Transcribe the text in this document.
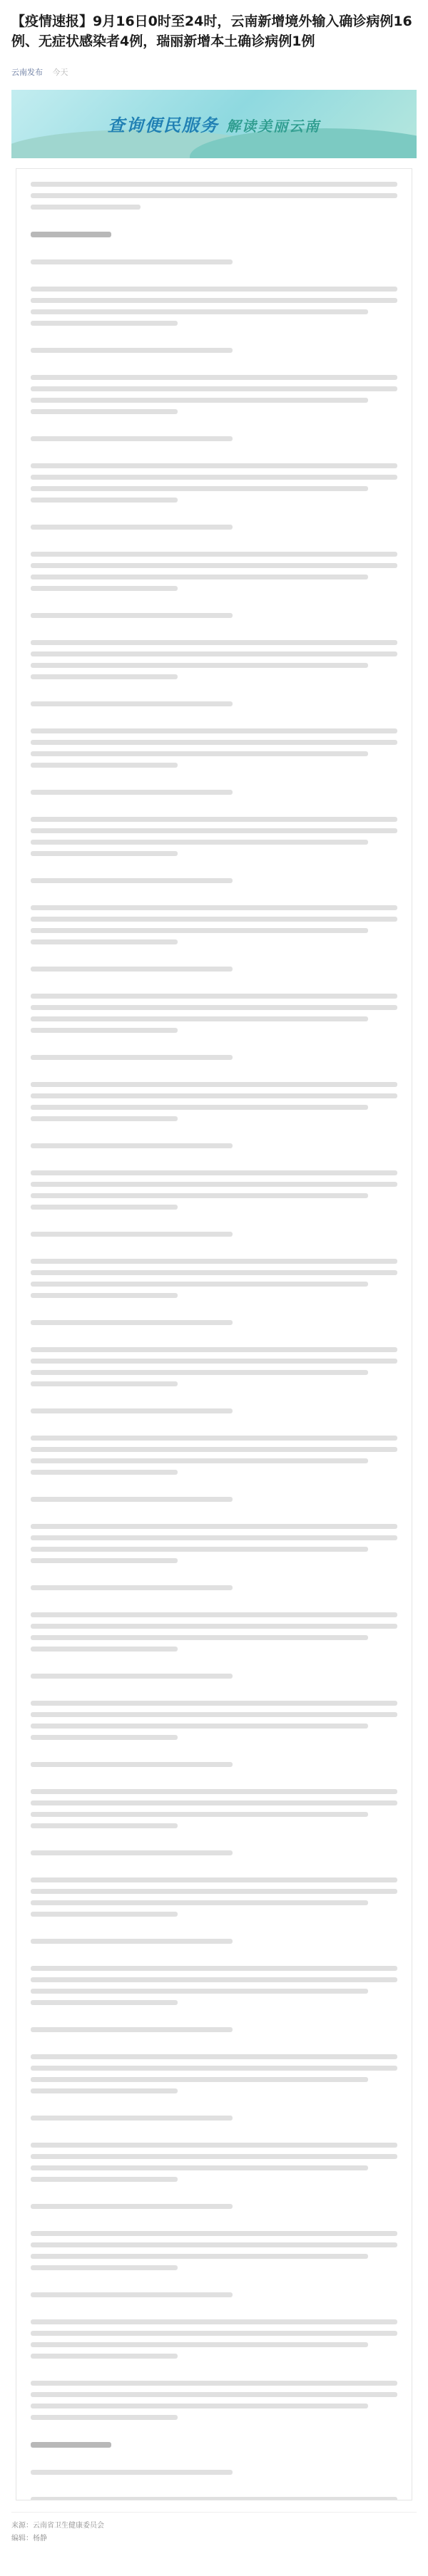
【疫情速报】9月16日0时至24时，云南新增境外输入确诊病例16例、无症状感染者4例，瑞丽新增本土确诊病例1例
云南发布 今天
查询便民服务 解读美丽云南
来源：云南省卫生健康委员会
编辑：杨静
